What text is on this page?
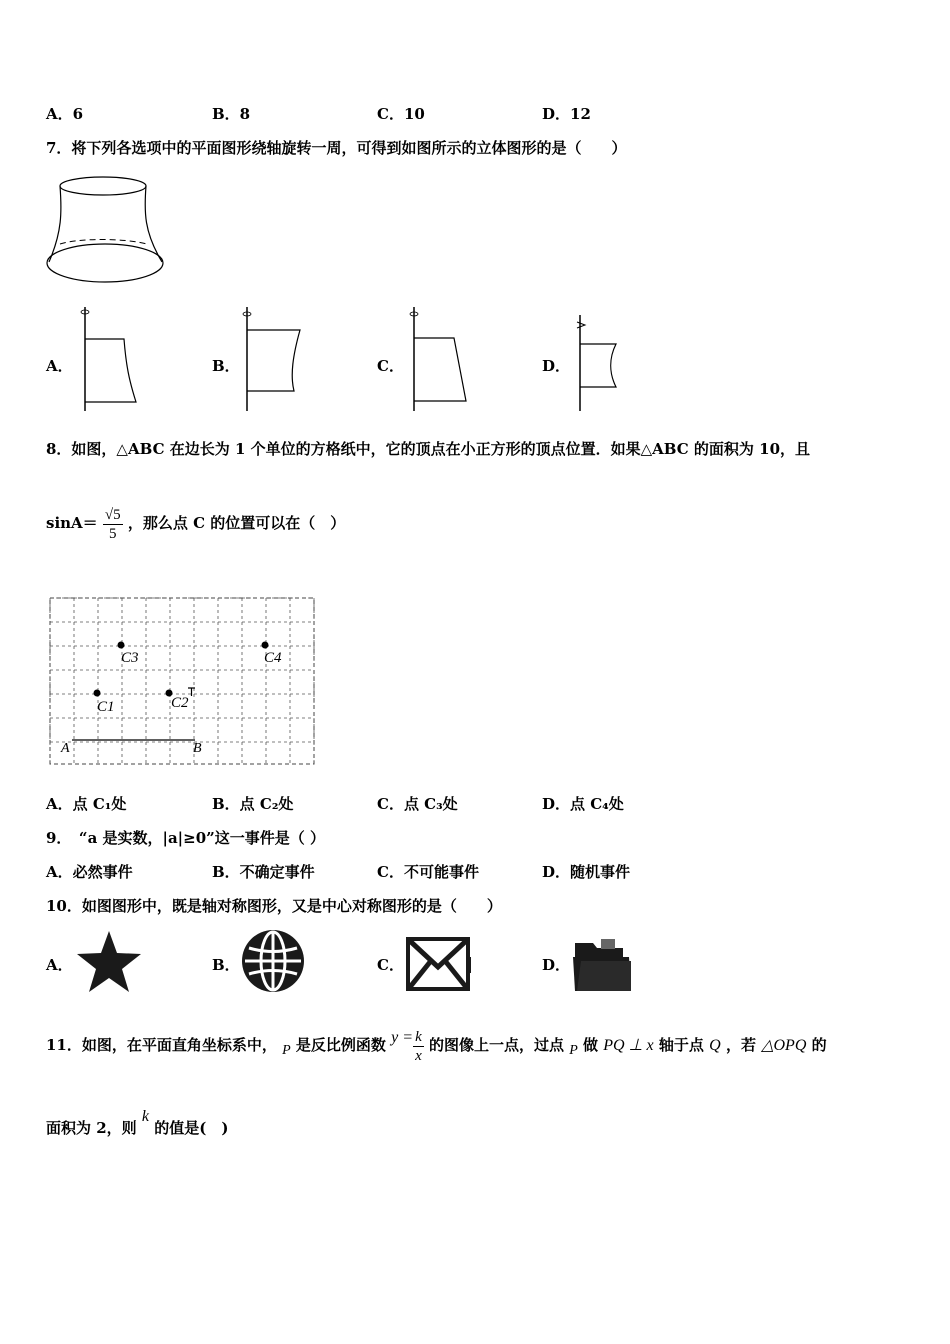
A．6	B．8	C．10	D．12
7．将下列各选项中的平面图形绕轴旋转一周，可得到如图所示的立体图形的是（　　）
A．	B．	C．	D．
8．如图，△ABC 在边长为 1 个单位的方格纸中，它的顶点在小正方形的顶点位置．如果△ABC 的面积为 10，且
$\sin A= \frac{√5}{5}$ ，那么点 C 的位置可以在（　）
C3	C4
C1	C2
A	B
A．点 C₁处	B．点 C₂处	C．点 C₃处	D．点 C₄处
9．　“a 是实数，|a|≥0”这一事件是（ ）
A．必然事件	B．不确定事件	C．不可能事件	D．随机事件
10．如图图形中，既是轴对称图形，又是中心对称图形的是（　　）
A．	B．	C．	D．
11．如图，在平面直角坐标系中， P 是反比例函数 $y = \frac{k}{x}$ 的图像上一点，过点 P 做 PQ ⊥ x 轴于点 Q ，若 △OPQ 的
面积为 2，则 k 的值是(　)
